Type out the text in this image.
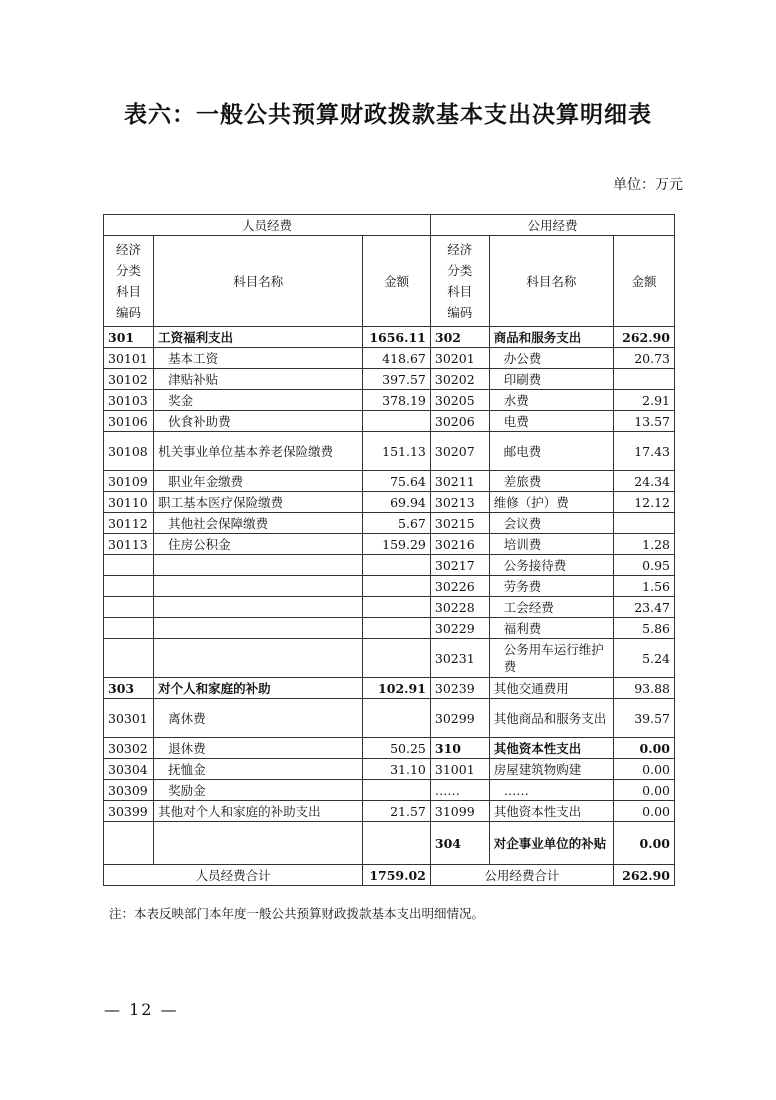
表六：一般公共预算财政拨款基本支出决算明细表
单位：万元
人员经费			公用经费		
经济
分类
科目
编码	科目名称	金额	经济
分类
科目
编码	科目名称	金额
301	工资福利支出	1656.11	302	商品和服务支出	262.90
30101	基本工资	418.67	30201	办公费	20.73
30102	津贴补贴	397.57	30202	印刷费	
30103	奖金	378.19	30205	水费	2.91
30106	伙食补助费		30206	电费	13.57
30108	机关事业单位基本养老保险缴费	151.13	30207	邮电费	17.43
30109	职业年金缴费	75.64	30211	差旅费	24.34
30110	职工基本医疗保险缴费	69.94	30213	维修（护）费	12.12
30112	其他社会保障缴费	5.67	30215	会议费	
30113	住房公积金	159.29	30216	培训费	1.28
			30217	公务接待费	0.95
			30226	劳务费	1.56
			30228	工会经费	23.47
			30229	福利费	5.86
			30231	公务用车运行维护费	5.24
303	对个人和家庭的补助	102.91	30239	其他交通费用	93.88
30301	离休费		30299	其他商品和服务支出	39.57
30302	退休费	50.25	310	其他资本性支出	0.00
30304	抚恤金	31.10	31001	房屋建筑物购建	0.00
30309	奖励金		……	……	0.00
30399	其他对个人和家庭的补助支出	21.57	31099	其他资本性支出	0.00
			304	对企事业单位的补贴	0.00
人员经费合计		1759.02	公用经费合计		262.90
注：本表反映部门本年度一般公共预算财政拨款基本支出明细情况。
— 12 —
